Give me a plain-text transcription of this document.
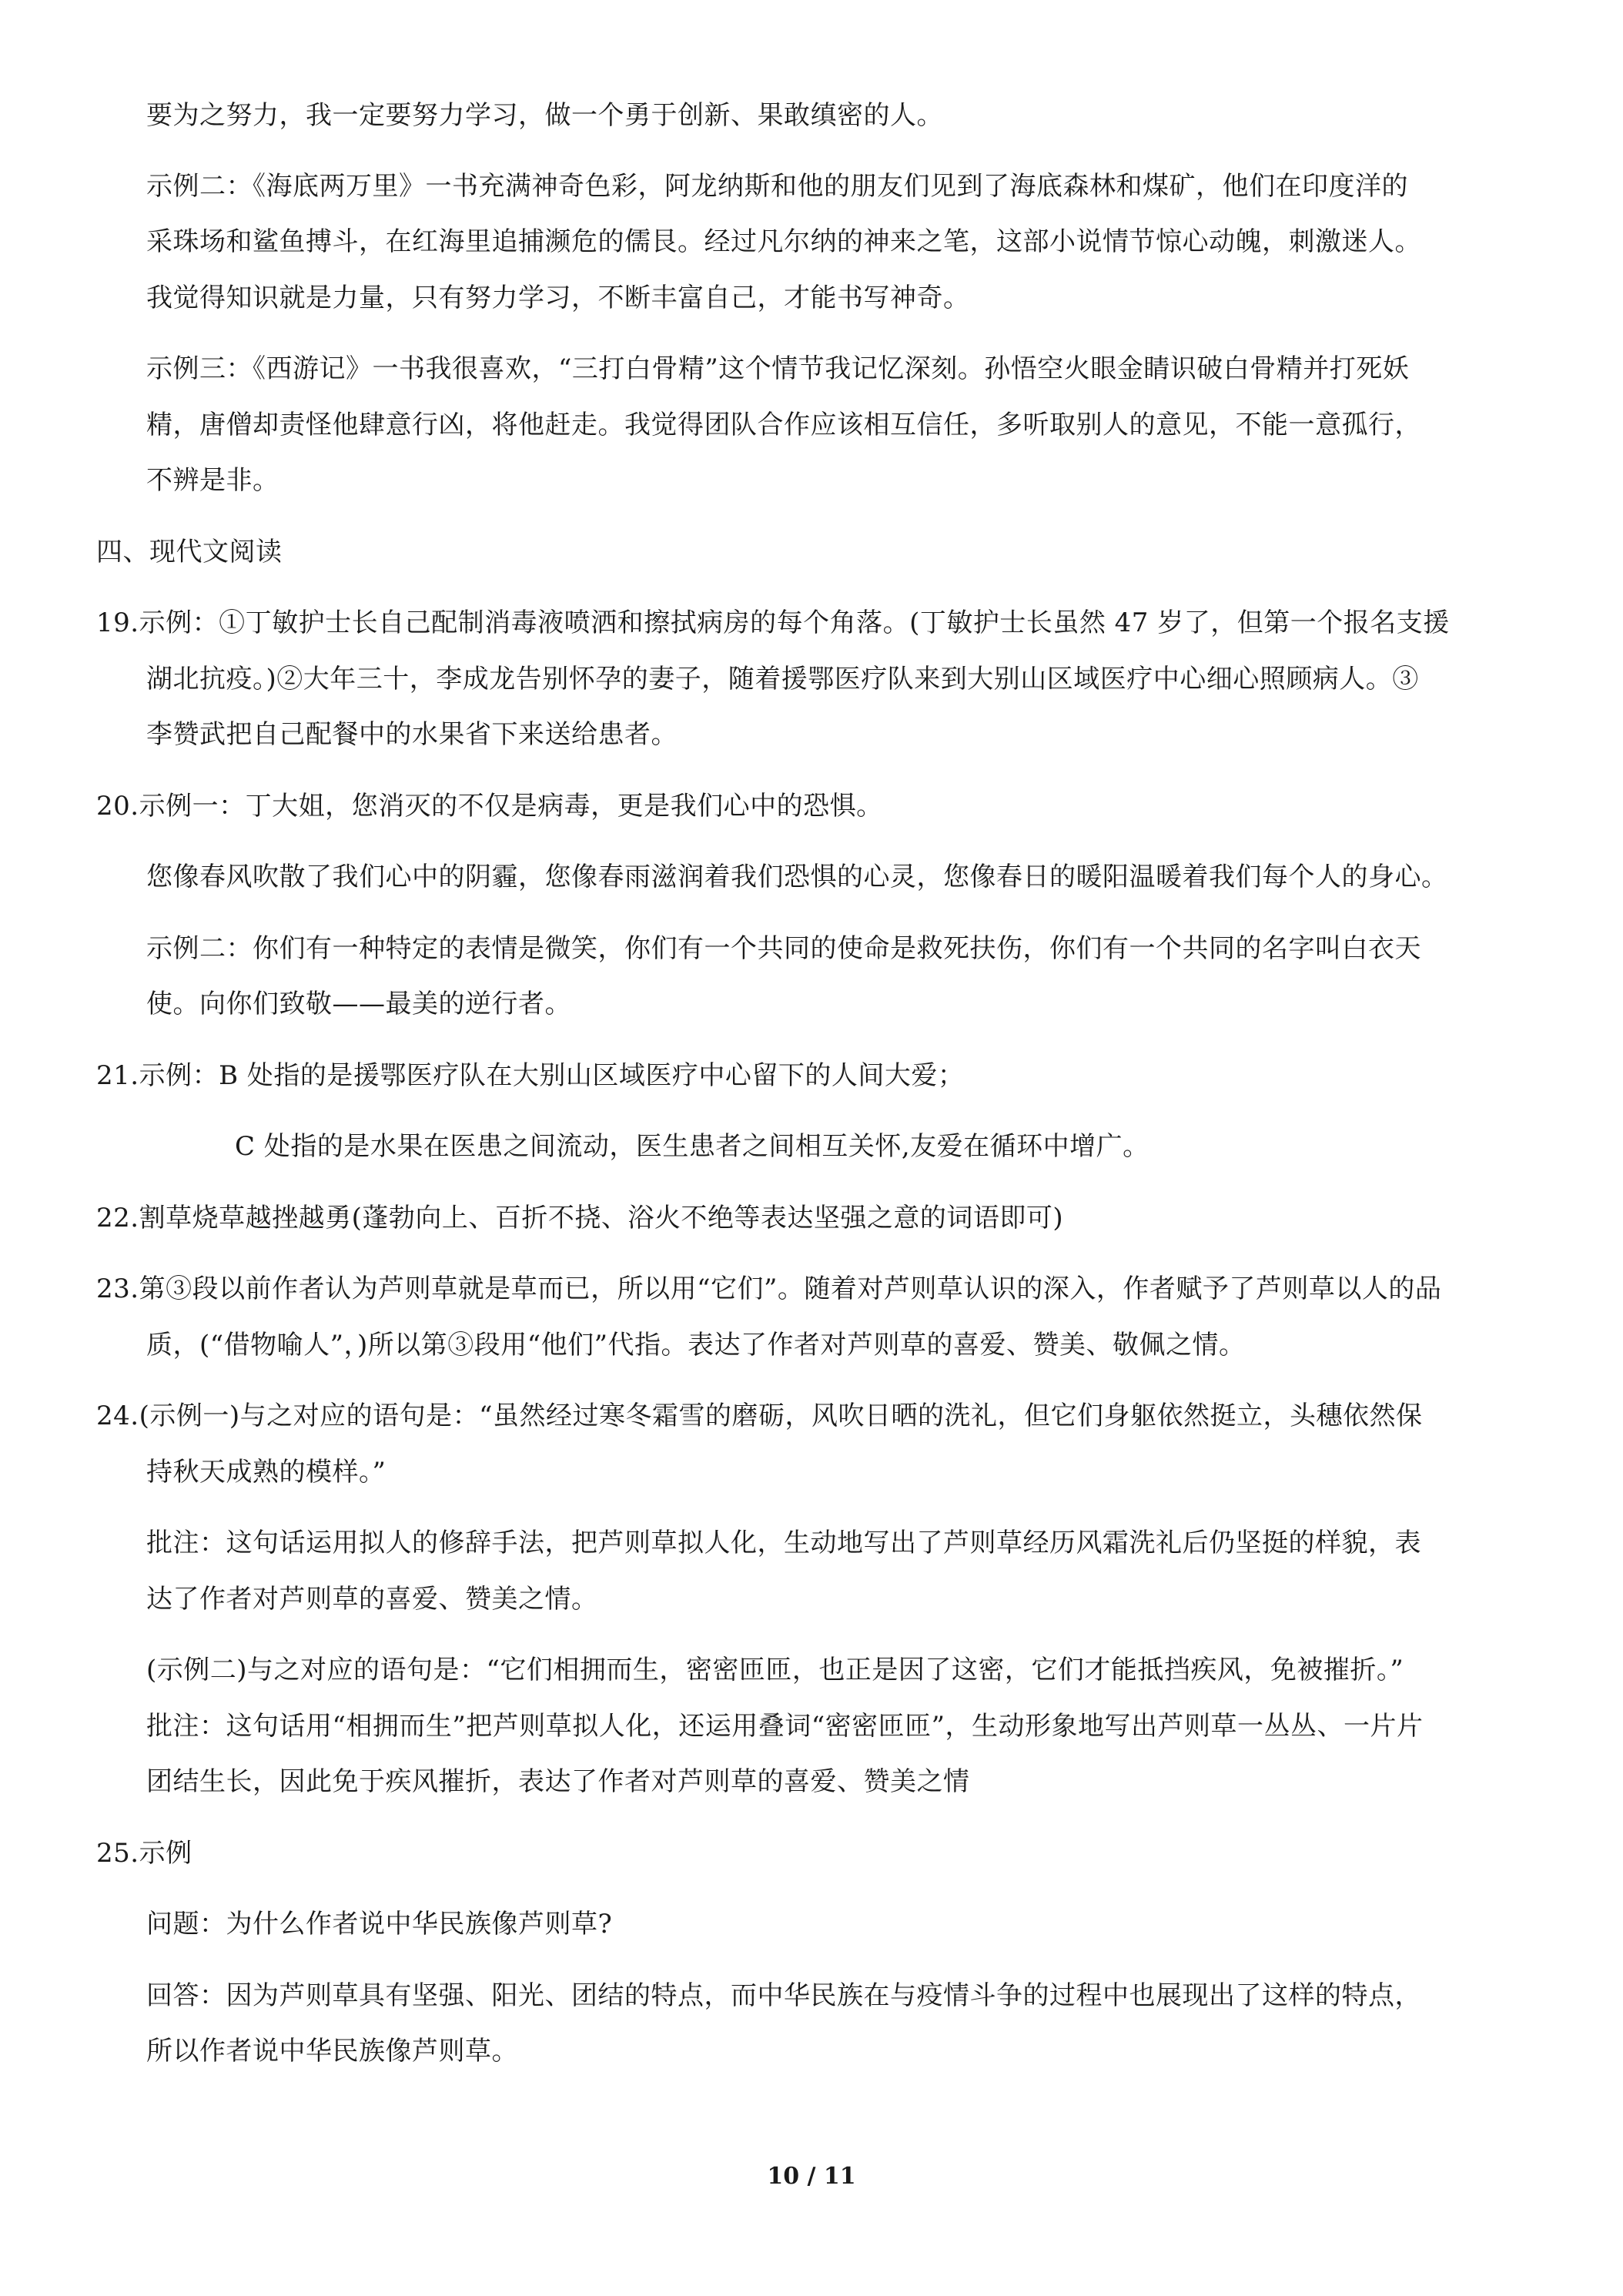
要为之努力，我一定要努力学习，做一个勇于创新、果敢缜密的人。
示例二：《海底两万里》一书充满神奇色彩，阿龙纳斯和他的朋友们见到了海底森林和煤矿，他们在印度洋的
采珠场和鲨鱼搏斗，在红海里追捕濒危的儒艮。经过凡尔纳的神来之笔，这部小说情节惊心动魄，刺激迷人。
我觉得知识就是力量，只有努力学习，不断丰富自己，才能书写神奇。
示例三：《西游记》一书我很喜欢，“三打白骨精”这个情节我记忆深刻。孙悟空火眼金睛识破白骨精并打死妖
精，唐僧却责怪他肆意行凶，将他赶走。我觉得团队合作应该相互信任，多听取别人的意见，不能一意孤行，
不辨是非。
四、现代文阅读
19.示例：①丁敏护士长自己配制消毒液喷洒和擦拭病房的每个角落。(丁敏护士长虽然 47 岁了，但第一个报名支援
湖北抗疫。)②大年三十，李成龙告别怀孕的妻子，随着援鄂医疗队来到大别山区域医疗中心细心照顾病人。③
李赞武把自己配餐中的水果省下来送给患者。
20.示例一：丁大姐，您消灭的不仅是病毒，更是我们心中的恐惧。
您像春风吹散了我们心中的阴霾，您像春雨滋润着我们恐惧的心灵，您像春日的暖阳温暖着我们每个人的身心。
示例二：你们有一种特定的表情是微笑，你们有一个共同的使命是救死扶伤，你们有一个共同的名字叫白衣天
使。向你们致敬——最美的逆行者。
21.示例：B 处指的是援鄂医疗队在大别山区域医疗中心留下的人间大爱；
C 处指的是水果在医患之间流动，医生患者之间相互关怀,友爱在循环中增广。
22.割草烧草越挫越勇(蓬勃向上、百折不挠、浴火不绝等表达坚强之意的词语即可)
23.第③段以前作者认为芦则草就是草而已，所以用“它们”。随着对芦则草认识的深入，作者赋予了芦则草以人的品
质，(“借物喻人”，)所以第③段用“他们”代指。表达了作者对芦则草的喜爱、赞美、敬佩之情。
24.(示例一)与之对应的语句是：“虽然经过寒冬霜雪的磨砺，风吹日晒的洗礼，但它们身躯依然挺立，头穗依然保
持秋天成熟的模样。”
批注：这句话运用拟人的修辞手法，把芦则草拟人化，生动地写出了芦则草经历风霜洗礼后仍坚挺的样貌，表
达了作者对芦则草的喜爱、赞美之情。
(示例二)与之对应的语句是：“它们相拥而生，密密匝匝，也正是因了这密，它们才能抵挡疾风，免被摧折。”
批注：这句话用“相拥而生”把芦则草拟人化，还运用叠词“密密匝匝”，生动形象地写出芦则草一丛丛、一片片
团结生长，因此免于疾风摧折，表达了作者对芦则草的喜爱、赞美之情
25.示例
问题：为什么作者说中华民族像芦则草?
回答：因为芦则草具有坚强、阳光、团结的特点，而中华民族在与疫情斗争的过程中也展现出了这样的特点，
所以作者说中华民族像芦则草。
10 / 11
